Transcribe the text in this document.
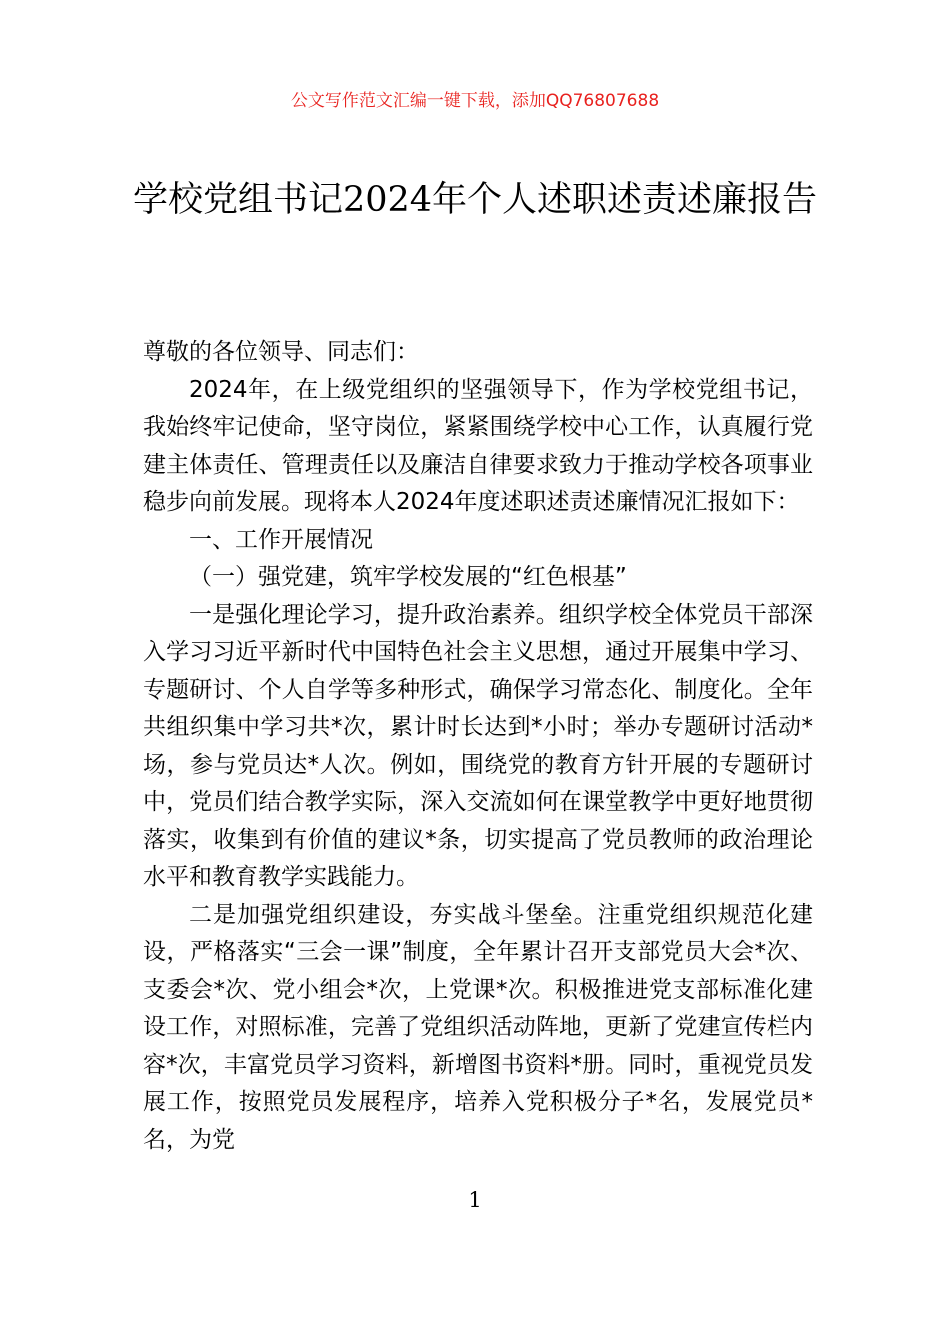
公文写作范文汇编一键下载，添加QQ76807688
学校党组书记2024年个人述职述责述廉报告

尊敬的各位领导、同志们：

2024年，在上级党组织的坚强领导下，作为学校党组书记，我始终牢记使命，坚守岗位，紧紧围绕学校中心工作，认真履行党建主体责任、管理责任以及廉洁自律要求致力于推动学校各项事业稳步向前发展。现将本人2024年度述职述责述廉情况汇报如下：

一、工作开展情况

（一）强党建，筑牢学校发展的“红色根基”

一是强化理论学习，提升政治素养。组织学校全体党员干部深入学习习近平新时代中国特色社会主义思想，通过开展集中学习、专题研讨、个人自学等多种形式，确保学习常态化、制度化。全年共组织集中学习共*次，累计时长达到*小时；举办专题研讨活动*场，参与党员达*人次。例如，围绕党的教育方针开展的专题研讨中，党员们结合教学实际，深入交流如何在课堂教学中更好地贯彻落实，收集到有价值的建议*条，切实提高了党员教师的政治理论水平和教育教学实践能力。

二是加强党组织建设，夯实战斗堡垒。注重党组织规范化建设，严格落实“三会一课”制度，全年累计召开支部党员大会*次、支委会*次、党小组会*次，上党课*次。积极推进党支部标准化建设工作，对照标准，完善了党组织活动阵地，更新了党建宣传栏内容*次，丰富党员学习资料，新增图书资料*册。同时，重视党员发展工作，按照党员发展程序，培养入党积极分子*名，发展党员*名，为党

1
